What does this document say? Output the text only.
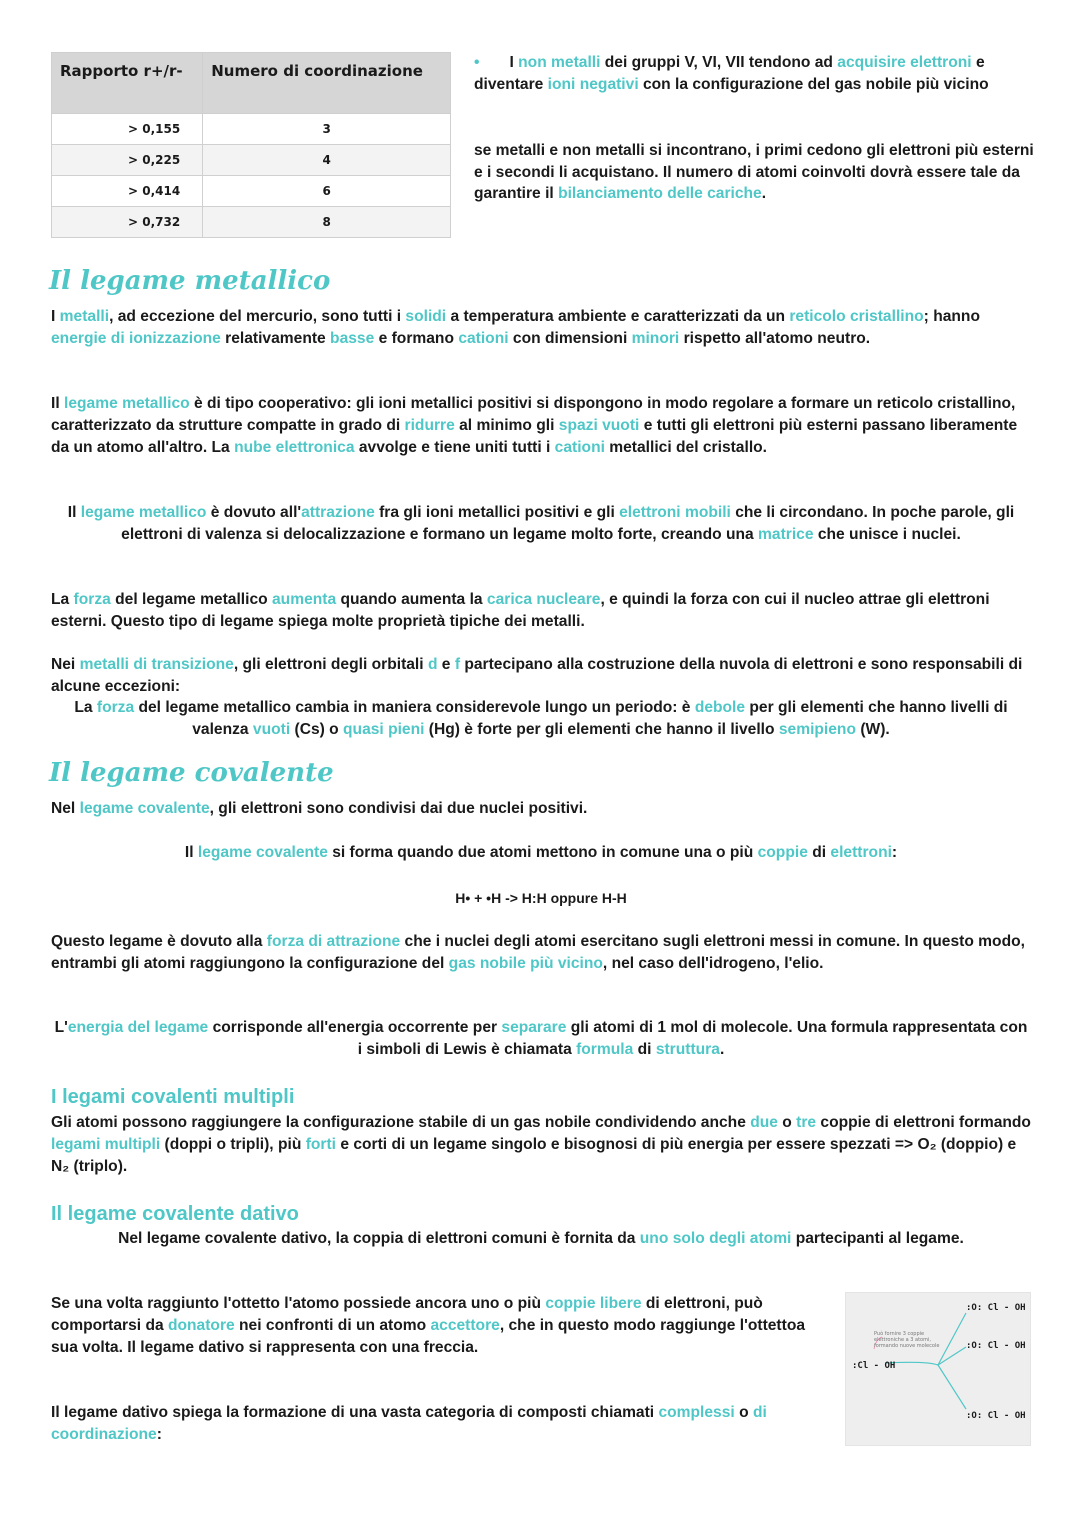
Rapporto r+/r-	Numero di coordinazione
> 0,155	3
> 0,225	4
> 0,414	6
> 0,732	8
• I non metalli dei gruppi V, VI, VII tendono ad acquisire elettroni e diventare ioni negativi con la configurazione del gas nobile più vicino
se metalli e non metalli si incontrano, i primi cedono gli elettroni più esterni e i secondi li acquistano. Il numero di atomi coinvolti dovrà essere tale da garantire il bilanciamento delle cariche.
Il legame metallico
I metalli, ad eccezione del mercurio, sono tutti i solidi a temperatura ambiente e caratterizzati da un reticolo cristallino; hanno energie di ionizzazione relativamente basse e formano cationi con dimensioni minori rispetto all'atomo neutro.
Il legame metallico è di tipo cooperativo: gli ioni metallici positivi si dispongono in modo regolare a formare un reticolo cristallino, caratterizzato da strutture compatte in grado di ridurre al minimo gli spazi vuoti e tutti gli elettroni più esterni passano liberamente da un atomo all'altro. La nube elettronica avvolge e tiene uniti tutti i cationi metallici del cristallo.
Il legame metallico è dovuto all'attrazione fra gli ioni metallici positivi e gli elettroni mobili che li circondano. In poche parole, gli elettroni di valenza si delocalizzazione e formano un legame molto forte, creando una matrice che unisce i nuclei.
La forza del legame metallico aumenta quando aumenta la carica nucleare, e quindi la forza con cui il nucleo attrae gli elettroni esterni. Questo tipo di legame spiega molte proprietà tipiche dei metalli.
Nei metalli di transizione, gli elettroni degli orbitali d e f partecipano alla costruzione della nuvola di elettroni e sono responsabili di alcune eccezioni:
La forza del legame metallico cambia in maniera considerevole lungo un periodo: è debole per gli elementi che hanno livelli di valenza vuoti (Cs) o quasi pieni (Hg) è forte per gli elementi che hanno il livello semipieno (W).
Il legame covalente
Nel legame covalente, gli elettroni sono condivisi dai due nuclei positivi.
Il legame covalente si forma quando due atomi mettono in comune una o più coppie di elettroni:
H• + •H -> H:H oppure H-H
Questo legame è dovuto alla forza di attrazione che i nuclei degli atomi esercitano sugli elettroni messi in comune. In questo modo, entrambi gli atomi raggiungono la configurazione del gas nobile più vicino, nel caso dell'idrogeno, l'elio.
L'energia del legame corrisponde all'energia occorrente per separare gli atomi di 1 mol di molecole. Una formula rappresentata con i simboli di Lewis è chiamata formula di struttura.
I legami covalenti multipli
Gli atomi possono raggiungere la configurazione stabile di un gas nobile condividendo anche due o tre coppie di elettroni formando legami multipli (doppi o tripli), più forti e corti di un legame singolo e bisognosi di più energia per essere spezzati => O₂ (doppio) e N₂ (triplo).
Il legame covalente dativo
Nel legame covalente dativo, la coppia di elettroni comuni è fornita da uno solo degli atomi partecipanti al legame.
Se una volta raggiunto l'ottetto l'atomo possiede ancora uno o più coppie libere di elettroni, può comportarsi da donatore nei confronti di un atomo accettore, che in questo modo raggiunge l'ottettoa sua volta. Il legame dativo si rappresenta con una freccia.
Il legame dativo spiega la formazione di una vasta categoria di composti chiamati complessi o di coordinazione:
:Cl - OH
Può fornire 3 coppie elettroniche a 3 atomi, formando nuove molecole
:O: Cl - OH
:O: Cl - OH
:O: Cl - OH
